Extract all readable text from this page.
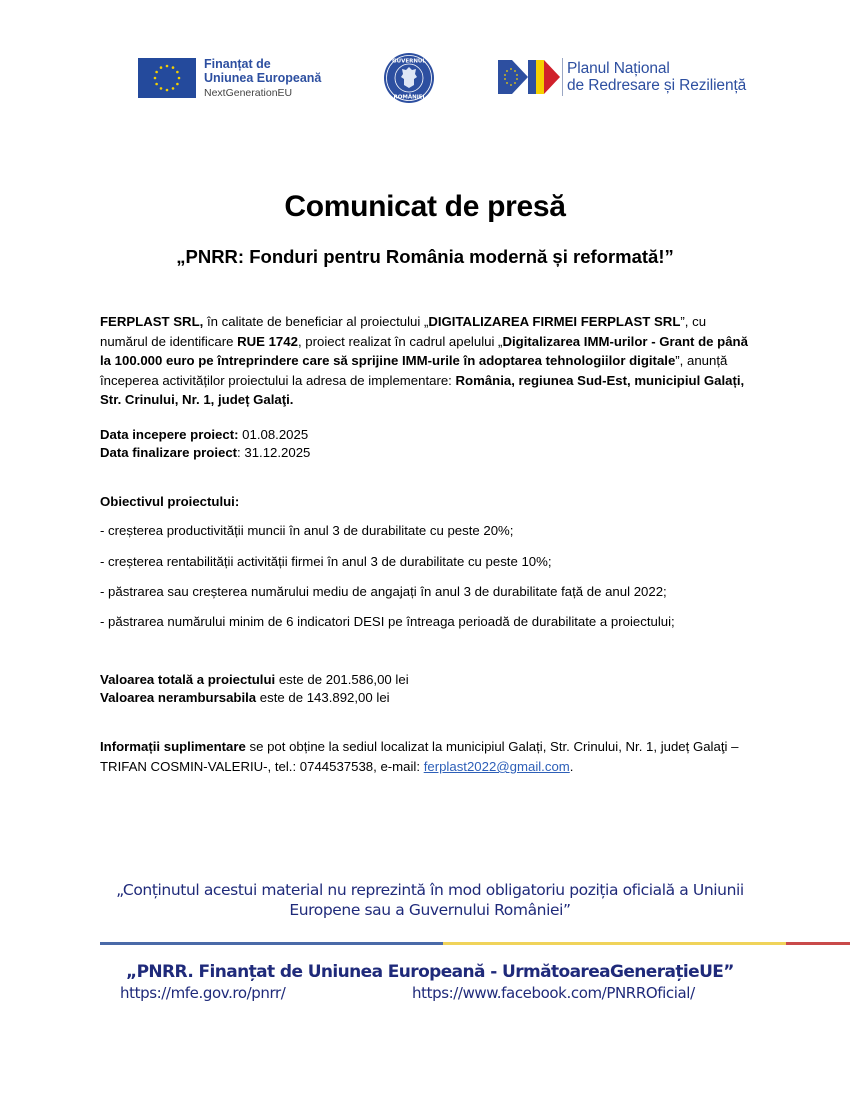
Finanțat de
Uniunea Europeană
NextGenerationEU
GUVERNUL
ROMÂNIEI
Planul Național
de Redresare și Reziliență
Comunicat de presă
„PNRR: Fonduri pentru România modernă și reformată!”

FERPLAST SRL, în calitate de beneficiar al proiectului „DIGITALIZAREA FIRMEI FERPLAST SRL”, cu numărul de identificare RUE 1742, proiect realizat în cadrul apelului „Digitalizarea IMM-urilor - Grant de până la 100.000 euro pe întreprindere care să sprijine IMM-urile în adoptarea tehnologiilor digitale”, anunță începerea activităților proiectului la adresa de implementare: România, regiunea Sud-Est, municipiul Galați, Str. Crinului, Nr. 1, județ Galaţi.

Data incepere proiect: 01.08.2025
Data finalizare proiect: 31.12.2025
Obiectivul proiectului:
- creșterea productivității muncii în anul 3 de durabilitate cu peste 20%;
- creșterea rentabilității activității firmei în anul 3 de durabilitate cu peste 10%;
- păstrarea sau creșterea numărului mediu de angajați în anul 3 de durabilitate față de anul 2022;
- păstrarea numărului minim de 6 indicatori DESI pe întreaga perioadă de durabilitate a proiectului;
Valoarea totală a proiectului este de 201.586,00 lei
Valoarea nerambursabila este de 143.892,00 lei

Informații suplimentare se pot obține la sediul localizat la municipiul Galați, Str. Crinului, Nr. 1, județ Galaţi – TRIFAN COSMIN-VALERIU-, tel.: 0744537538, e-mail: ferplast2022@gmail.com.

„Conținutul acestui material nu reprezintă în mod obligatoriu poziția oficială a Uniunii Europene sau a Guvernului României”
„PNRR. Finanțat de Uniunea Europeană - UrmătoareaGenerațieUE”
https://mfe.gov.ro/pnrr/	https://www.facebook.com/PNRROficial/
